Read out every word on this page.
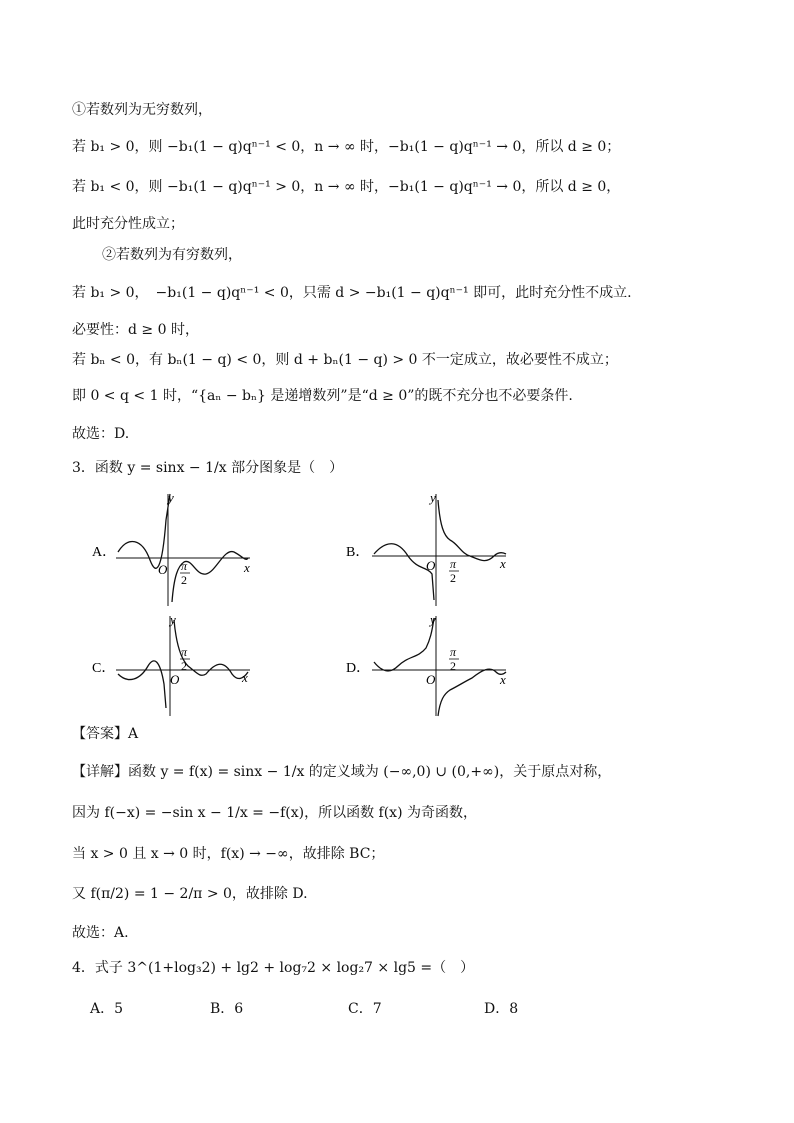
①若数列为无穷数列，
若 b₁ > 0，则 −b₁(1 − q)qⁿ⁻¹ < 0，n → ∞ 时，−b₁(1 − q)qⁿ⁻¹ → 0，所以 d ≥ 0；
若 b₁ < 0，则 −b₁(1 − q)qⁿ⁻¹ > 0，n → ∞ 时，−b₁(1 − q)qⁿ⁻¹ → 0，所以 d ≥ 0，
此时充分性成立；
②若数列为有穷数列，
若 b₁ > 0，　−b₁(1 − q)qⁿ⁻¹ < 0，只需 d > −b₁(1 − q)qⁿ⁻¹ 即可，此时充分性不成立.
必要性：d ≥ 0 时，
若 bₙ < 0，有 bₙ(1 − q) < 0，则 d + bₙ(1 − q) > 0 不一定成立，故必要性不成立；
即 0 < q < 1 时，“{aₙ − bₙ} 是递增数列”是“d ≥ 0”的既不充分也不必要条件.
故选：D.
3．函数 y = sinx − 1/x 部分图象是（　）
A．
y
x
O π
2
B．
y
x
O π
2
C．
y
x
O
π
2	D．
y
x
O
π
2
【答案】A
【详解】函数 y = f(x) = sinx − 1/x 的定义域为 (−∞,0) ∪ (0,+∞)，关于原点对称，
因为 f(−x) = −sin x − 1/x = −f(x)，所以函数 f(x) 为奇函数，
当 x > 0 且 x → 0 时，f(x) → −∞，故排除 BC；
又 f(π/2) = 1 − 2/π > 0，故排除 D.
故选：A.
4．式子 3^(1+log₃2) + lg2 + log₇2 × log₂7 × lg5 =（　）
A．5	B．6	C．7	D．8
